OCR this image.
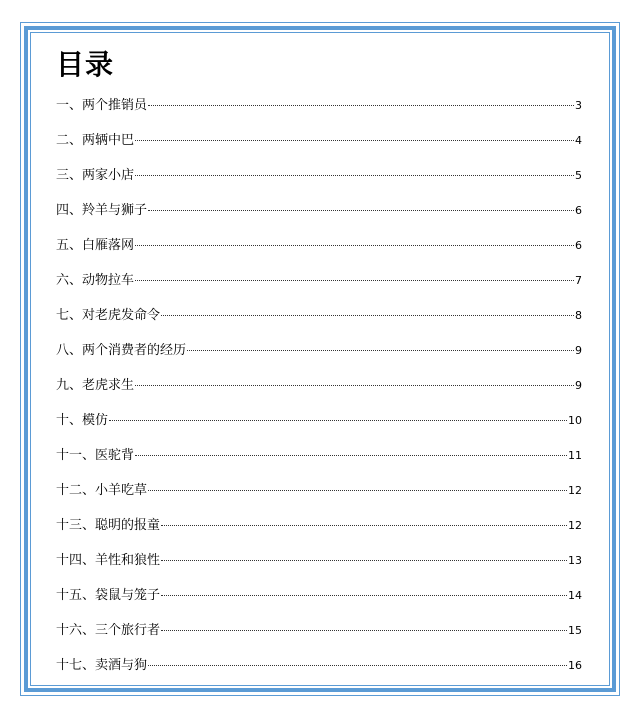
目录
一、两个推销员	3
二、两辆中巴	4
三、两家小店	5
四、羚羊与狮子	6
五、白雁落网	6
六、动物拉车	7
七、对老虎发命令	8
八、两个消费者的经历	9
九、老虎求生	9
十、模仿	10
十一、医驼背	11
十二、小羊吃草	12
十三、聪明的报童	12
十四、羊性和狼性	13
十五、袋鼠与笼子	14
十六、三个旅行者	15
十七、卖酒与狗	16
